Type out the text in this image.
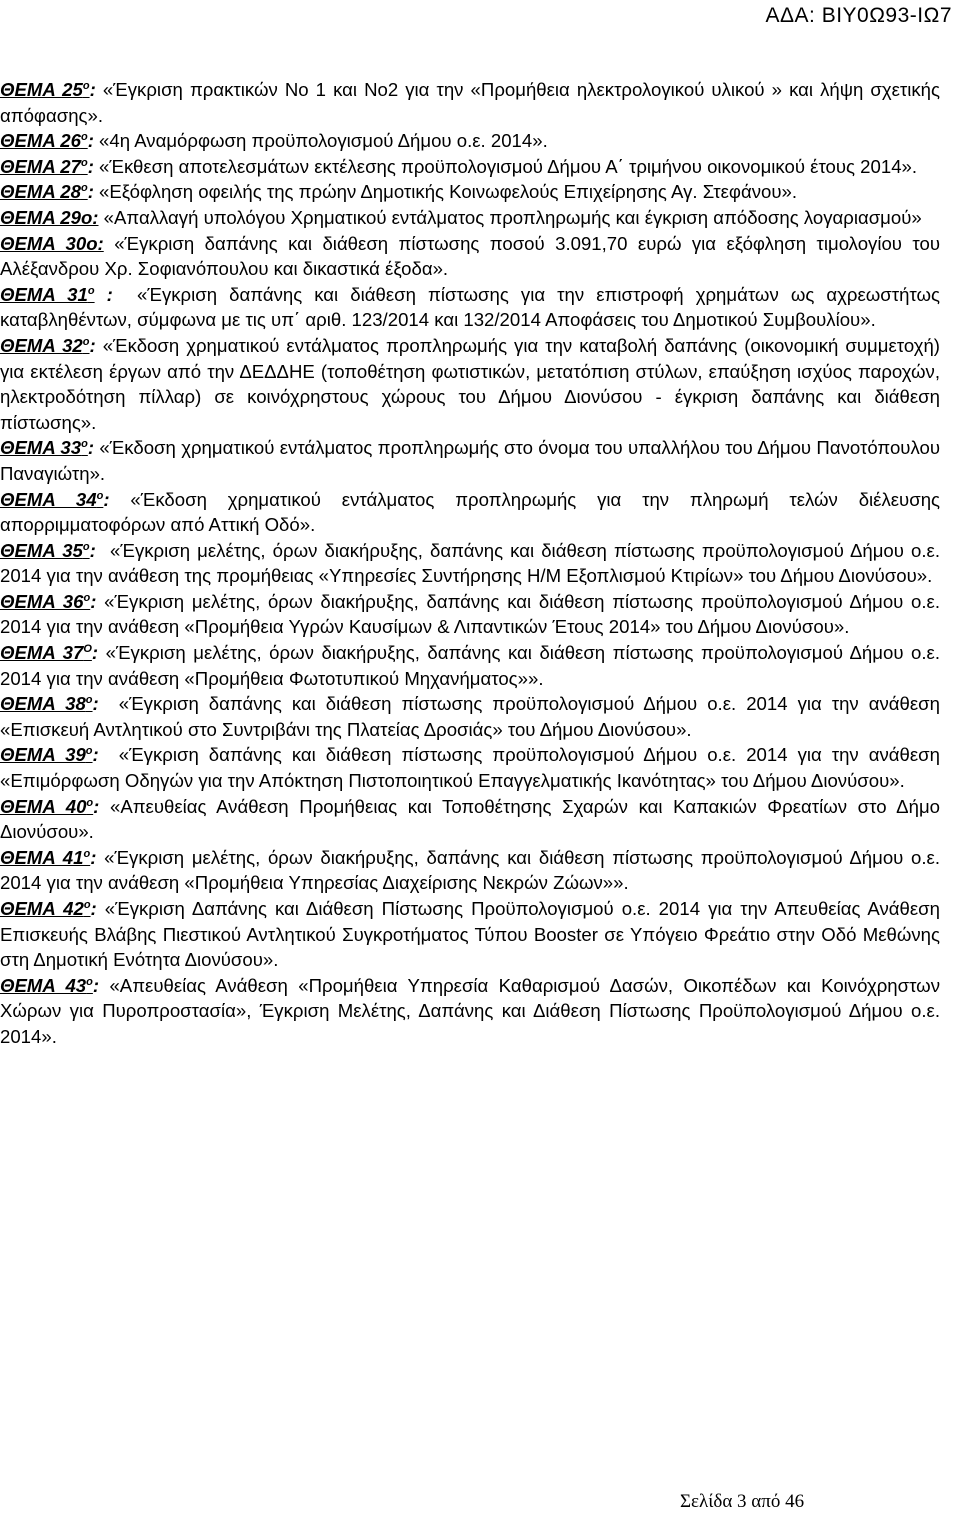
ΑΔΑ: ΒΙΥ0Ω93-ΙΩ7
ΘΕΜΑ $25^o$: «Έγκριση πρακτικών Νο 1 και Νο2 για την «Προμήθεια ηλεκτρολογικού υλικού » και λήψη σχετικής απόφασης».
ΘΕΜΑ $26^o$: «4η Αναμόρφωση προϋπολογισμού Δήμου ο.ε. 2014».
ΘΕΜΑ $27^o$: «Έκθεση αποτελεσμάτων εκτέλεσης προϋπολογισμού Δήμου Α΄ τριμήνου οικονομικού έτους 2014».
ΘΕΜΑ $28^o$: «Εξόφληση οφειλής της πρώην Δημοτικής Κοινωφελούς Επιχείρησης Αγ. Στεφάνου».
ΘΕΜΑ 29ο: «Απαλλαγή υπολόγου Χρηματικού εντάλματος προπληρωμής και έγκριση απόδοσης λογαριασμού»
ΘΕΜΑ 30ο: «Έγκριση δαπάνης και διάθεση πίστωσης ποσού 3.091,70 ευρώ για εξόφληση τιμολογίου του Αλέξανδρου Χρ. Σοφιανόπουλου και δικαστικά έξοδα».
ΘΕΜΑ $31^o$ :  «Έγκριση δαπάνης και διάθεση πίστωσης για την επιστροφή χρημάτων ως αχρεωστήτως καταβληθέντων, σύμφωνα με τις υπ΄ αριθ. 123/2014 και 132/2014 Αποφάσεις του Δημοτικού Συμβουλίου».
ΘΕΜΑ $32^o$: «Έκδοση χρηματικού εντάλματος προπληρωμής για την καταβολή δαπάνης (οικονομική συμμετοχή) για εκτέλεση έργων από την ΔΕΔΔΗΕ (τοποθέτηση φωτιστικών, μετατόπιση στύλων, επαύξηση ισχύος παροχών, ηλεκτροδότηση πίλλαρ) σε κοινόχρηστους χώρους του Δήμου Διονύσου - έγκριση δαπάνης και διάθεση πίστωσης».
ΘΕΜΑ $33^o$: «Έκδοση χρηματικού εντάλματος προπληρωμής στο όνομα του υπαλλήλου του Δήμου Πανοτόπουλου Παναγιώτη».
ΘΕΜΑ $34^o$: «Έκδοση χρηματικού εντάλματος προπληρωμής για την πληρωμή τελών διέλευσης απορριμματοφόρων από Αττική Οδό».
ΘΕΜΑ $35^o$:  «Έγκριση μελέτης, όρων διακήρυξης, δαπάνης και διάθεση πίστωσης προϋπολογισμού Δήμου ο.ε. 2014 για την ανάθεση της προμήθειας «Υπηρεσίες Συντήρησης Η/Μ Εξοπλισμού Κτιρίων» του Δήμου Διονύσου».
ΘΕΜΑ $36^o$: «Έγκριση μελέτης, όρων διακήρυξης, δαπάνης και διάθεση πίστωσης προϋπολογισμού Δήμου ο.ε. 2014 για την ανάθεση «Προμήθεια Υγρών Καυσίμων & Λιπαντικών Έτους 2014» του Δήμου Διονύσου».
ΘΕΜΑ $37^O$: «Έγκριση μελέτης, όρων διακήρυξης, δαπάνης και διάθεση πίστωσης προϋπολογισμού Δήμου ο.ε. 2014 για την ανάθεση «Προμήθεια Φωτοτυπικού Μηχανήματος»».
ΘΕΜΑ $38^o$:  «Έγκριση δαπάνης και διάθεση πίστωσης προϋπολογισμού Δήμου ο.ε. 2014 για την ανάθεση «Επισκευή Αντλητικού στο Συντριβάνι της Πλατείας Δροσιάς» του Δήμου Διονύσου».
ΘΕΜΑ $39^o$:  «Έγκριση δαπάνης και διάθεση πίστωσης προϋπολογισμού Δήμου ο.ε. 2014 για την ανάθεση «Επιμόρφωση Οδηγών για την Απόκτηση Πιστοποιητικού Επαγγελματικής Ικανότητας» του Δήμου Διονύσου».
ΘΕΜΑ $40^o$: «Απευθείας Ανάθεση Προμήθειας και Τοποθέτησης Σχαρών και Καπακιών Φρεατίων στο Δήμο Διονύσου».
ΘΕΜΑ $41^o$: «Έγκριση μελέτης, όρων διακήρυξης, δαπάνης και διάθεση πίστωσης προϋπολογισμού Δήμου ο.ε. 2014 για την ανάθεση «Προμήθεια Υπηρεσίας Διαχείρισης Νεκρών Ζώων»».
ΘΕΜΑ $42^o$: «Έγκριση Δαπάνης και Διάθεση Πίστωσης Προϋπολογισμού ο.ε. 2014 για την Απευθείας Ανάθεση Επισκευής Βλάβης Πιεστικού Αντλητικού Συγκροτήματος Τύπου Booster σε Υπόγειο Φρεάτιο στην Οδό Μεθώνης στη Δημοτική Ενότητα Διονύσου».
ΘΕΜΑ $43^o$: «Απευθείας Ανάθεση «Προμήθεια Υπηρεσία Καθαρισμού Δασών, Οικοπέδων και Κοινόχρηστων Χώρων για Πυροπροστασία», Έγκριση Μελέτης, Δαπάνης και Διάθεση Πίστωσης Προϋπολογισμού Δήμου ο.ε. 2014».
Σελίδα 3 από 46
